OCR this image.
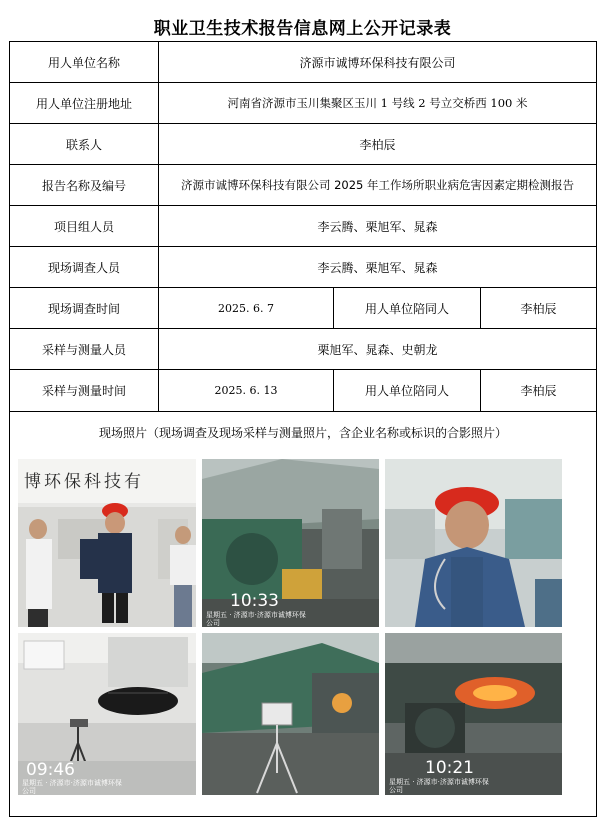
职业卫生技术报告信息网上公开记录表
用人单位名称	济源市诚博环保科技有限公司
用人单位注册地址	河南省济源市玉川集聚区玉川 1 号线 2 号立交桥西 100 米
联系人	李柏辰
报告名称及编号	济源市诚博环保科技有限公司 2025 年工作场所职业病危害因素定期检测报告
项目组人员	李云腾、栗旭军、晁森
现场调查人员	李云腾、栗旭军、晁森
现场调查时间	2025. 6. 7	用人单位陪同人	李柏辰
采样与测量人员	栗旭军、晁森、史朝龙
采样与测量时间	2025. 6. 13	用人单位陪同人	李柏辰
现场照片（现场调查及现场采样与测量照片，含企业名称或标识的合影照片）
博环保科技有
10:33
星期五 · 济源市·济源市诚博环保
公司
09:46
星期五 · 济源市·济源市诚博环保
公司
10:21
星期五 · 济源市·济源市诚博环保
公司
